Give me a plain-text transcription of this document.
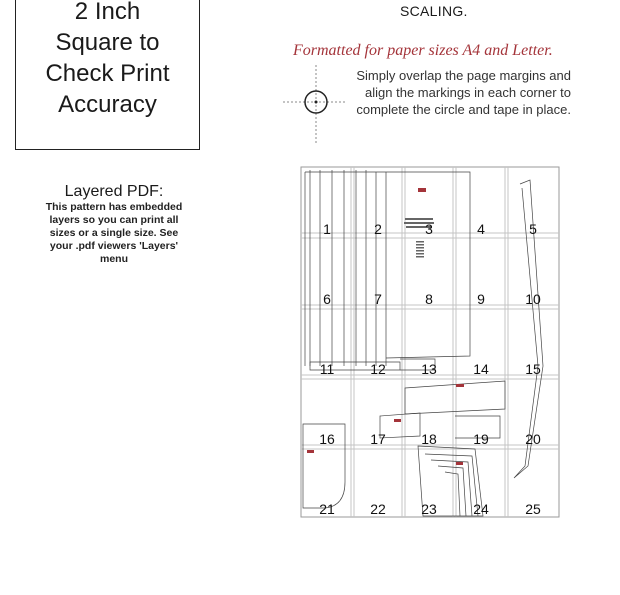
2 Inch
Square to
Check Print
Accuracy
SCALING.
Formatted for paper sizes A4 and Letter.
Simply overlap the page margins and
align the markings in each corner to
complete the circle and tape in place.
Layered PDF:
This pattern has embedded
layers so you can print all
sizes or a single size. See
your .pdf viewers 'Layers'
menu
1	2	3	4	5
6	7	8	9	10
11	12	13	14	15
16	17	18	19	20
21	22	23	24	25
